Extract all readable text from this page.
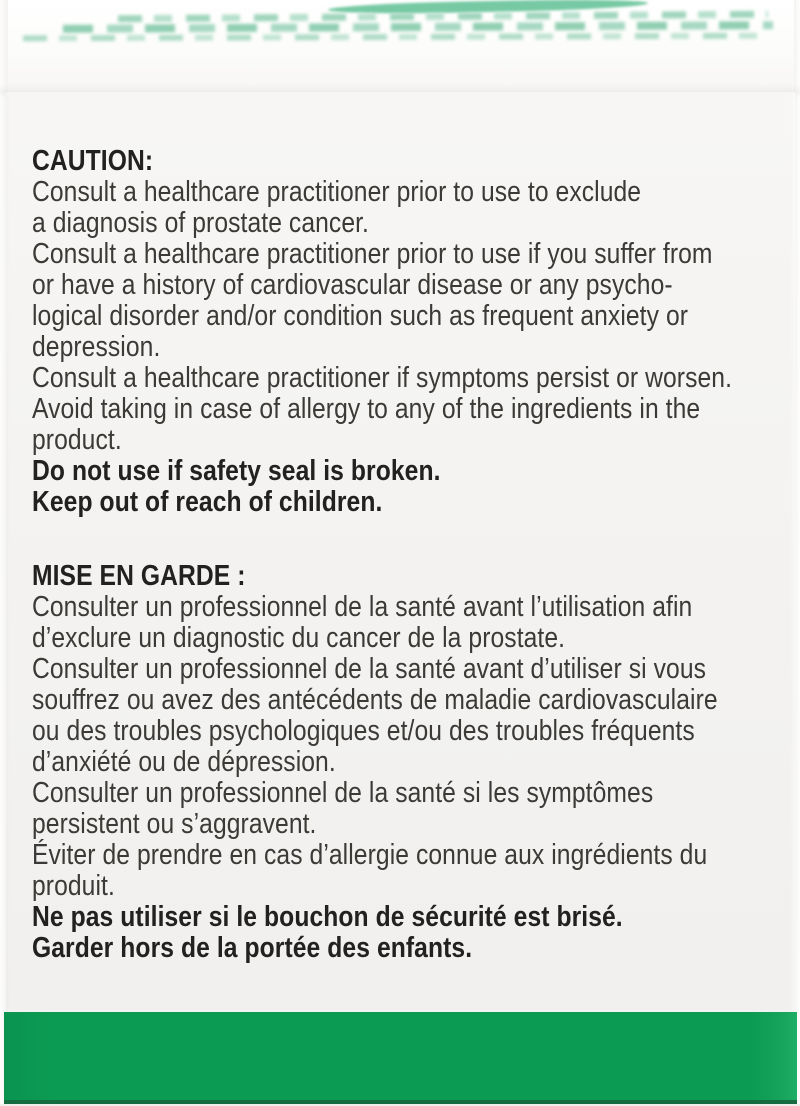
CAUTION:
Consult a healthcare practitioner prior to use to exclude
a diagnosis of prostate cancer.
Consult a healthcare practitioner prior to use if you suffer from
or have a history of cardiovascular disease or any psycho-
logical disorder and/or condition such as frequent anxiety or
depression.
Consult a healthcare practitioner if symptoms persist or worsen.
Avoid taking in case of allergy to any of the ingredients in the
product.
Do not use if safety seal is broken.
Keep out of reach of children.
MISE EN GARDE :
Consulter un professionnel de la santé avant l’utilisation afin
d’exclure un diagnostic du cancer de la prostate.
Consulter un professionnel de la santé avant d’utiliser si vous
souffrez ou avez des antécédents de maladie cardiovasculaire
ou des troubles psychologiques et/ou des troubles fréquents
d’anxiété ou de dépression.
Consulter un professionnel de la santé si les symptômes
persistent ou s’aggravent.
Éviter de prendre en cas d’allergie connue aux ingrédients du
produit.
Ne pas utiliser si le bouchon de sécurité est brisé.
Garder hors de la portée des enfants.
